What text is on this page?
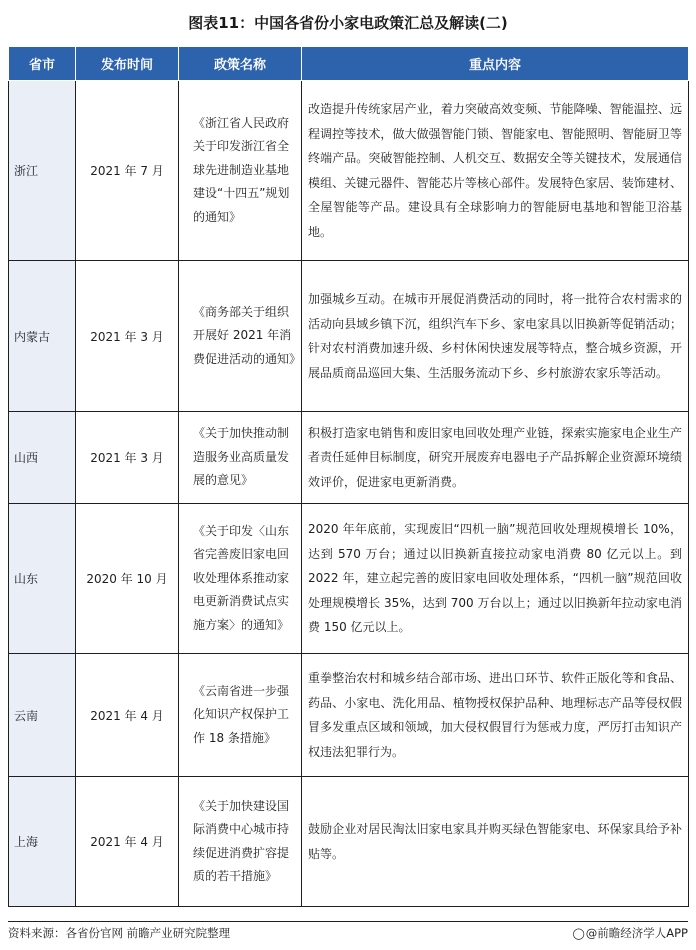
图表11：中国各省份小家电政策汇总及解读(二)
省市	发布时间	政策名称	重点内容
浙江	2021 年 7 月	《浙江省人民政府关于印发浙江省全球先进制造业基地建设“十四五”规划的通知》	改造提升传统家居产业，着力突破高效变频、节能降噪、智能温控、远程调控等技术，做大做强智能门锁、智能家电、智能照明、智能厨卫等终端产品。突破智能控制、人机交互、数据安全等关键技术，发展通信模组、关键元器件、智能芯片等核心部件。发展特色家居、装饰建材、全屋智能等产品。建设具有全球影响力的智能厨电基地和智能卫浴基地。
内蒙古	2021 年 3 月	《商务部关于组织开展好 2021 年消费促进活动的通知》	加强城乡互动。在城市开展促消费活动的同时，将一批符合农村需求的活动向县域乡镇下沉，组织汽车下乡、家电家具以旧换新等促销活动；针对农村消费加速升级、乡村休闲快速发展等特点，整合城乡资源，开展品质商品巡回大集、生活服务流动下乡、乡村旅游农家乐等活动。
山西	2021 年 3 月	《关于加快推动制造服务业高质量发展的意见》	积极打造家电销售和废旧家电回收处理产业链，探索实施家电企业生产者责任延伸目标制度，研究开展废弃电器电子产品拆解企业资源环境绩效评价，促进家电更新消费。
山东	2020 年 10 月	《关于印发〈山东省完善废旧家电回收处理体系推动家电更新消费试点实施方案〉的通知》	2020 年年底前，实现废旧“四机一脑”规范回收处理规模增长 10%，达到 570 万台；通过以旧换新直接拉动家电消费 80 亿元以上。到 2022 年，建立起完善的废旧家电回收处理体系，“四机一脑”规范回收处理规模增长 35%，达到 700 万台以上；通过以旧换新年拉动家电消费 150 亿元以上。
云南	2021 年 4 月	《云南省进一步强化知识产权保护工作 18 条措施》	重拳整治农村和城乡结合部市场、进出口环节、软件正版化等和食品、药品、小家电、洗化用品、植物授权保护品种、地理标志产品等侵权假冒多发重点区域和领域，加大侵权假冒行为惩戒力度，严厉打击知识产权违法犯罪行为。
上海	2021 年 4 月	《关于加快建设国际消费中心城市持续促进消费扩容提质的若干措施》	鼓励企业对居民淘汰旧家电家具并购买绿色智能家电、环保家具给予补贴等。
资料来源：各省份官网 前瞻产业研究院整理	◯@前瞻经济学人APP
